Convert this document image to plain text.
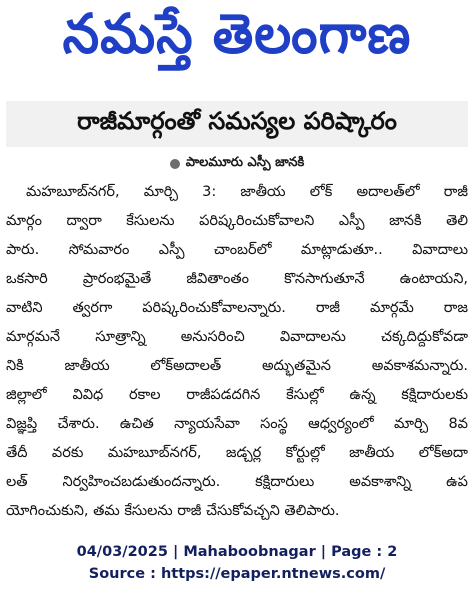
నమస్తే తెలంగాణ
రాజీమార్గంతో సమస్యల పరిష్కారం
పాలమూరు ఎస్పీ జానకి
మహబూబ్‌నగర్, మార్చి 3: జాతీయ లోక్ అదాలత్‌లో రాజీ
మార్గం ద్వారా కేసులను పరిష్కరించుకోవాలని ఎస్పీ జానకి తెలి
పారు. సోమవారం ఎస్పీ చాంబర్‌లో మాట్లాడుతూ.. వివాదాలు
ఒకసారి ప్రారంభమైతే జీవితాంతం కొనసాగుతూనే ఉంటాయని,
వాటిని త్వరగా పరిష్కరించుకోవాలన్నారు. రాజీ మార్గమే రాజ
మార్గమనే సూత్రాన్ని అనుసరించి వివాదాలను చక్కదిద్దుకోవడా
నికి జాతీయ లోక్‌అదాలత్ అద్భుతమైన అవకాశమన్నారు.
జిల్లాలో వివిధ రకాల రాజీపడదగిన కేసుల్లో ఉన్న కక్షిదారులకు
విజ్ఞప్తి చేశారు. ఉచిత న్యాయసేవా సంస్థ ఆధ్వర్యంలో మార్చి 8వ
తేదీ వరకు మహబూబ్‌నగర్, జడ్చర్ల కోర్టుల్లో జాతీయ లోక్‌అదా
లత్ నిర్వహించబడుతుందన్నారు. కక్షిదారులు అవకాశాన్ని ఉప
యోగించుకుని, తమ కేసులను రాజీ చేసుకోవచ్చని తెలిపారు.
04/03/2025 | Mahaboobnagar | Page : 2
Source : https://epaper.ntnews.com/
